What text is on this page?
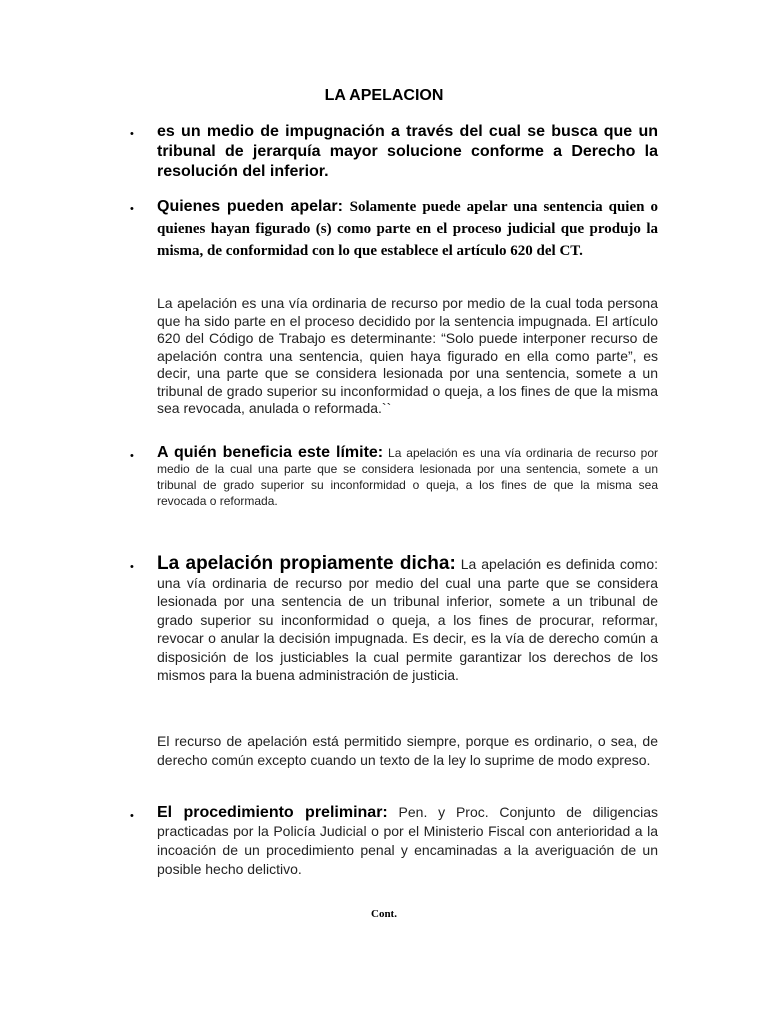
LA APELACION
• es un medio de impugnación a través del cual se busca que un tribunal de jerarquía mayor solucione conforme a Derecho la resolución del inferior.
• Quienes pueden apelar: Solamente puede apelar una sentencia quien o quienes hayan figurado (s) como parte en el proceso judicial que produjo la misma, de conformidad con lo que establece el artículo 620 del CT.
La apelación es una vía ordinaria de recurso por medio de la cual toda persona que ha sido parte en el proceso decidido por la sentencia impugnada. El artículo 620 del Código de Trabajo es determinante: “Solo puede interponer recurso de apelación contra una sentencia, quien haya figurado en ella como parte”, es decir, una parte que se considera lesionada por una sentencia, somete a un tribunal de grado superior su inconformidad o queja, a los fines de que la misma sea revocada, anulada o reformada.``
• A quién beneficia este límite: La apelación es una vía ordinaria de recurso por medio de la cual una parte que se considera lesionada por una sentencia, somete a un tribunal de grado superior su inconformidad o queja, a los fines de que la misma sea revocada o reformada.
• La apelación propiamente dicha: La apelación es definida como: una vía ordinaria de recurso por medio del cual una parte que se considera lesionada por una sentencia de un tribunal inferior, somete a un tribunal de grado superior su inconformidad o queja, a los fines de procurar, reformar, revocar o anular la decisión impugnada. Es decir, es la vía de derecho común a disposición de los justiciables la cual permite garantizar los derechos de los mismos para la buena administración de justicia.
El recurso de apelación está permitido siempre, porque es ordinario, o sea, de derecho común excepto cuando un texto de la ley lo suprime de modo expreso.
• El procedimiento preliminar: Pen. y Proc. Conjunto de diligencias practicadas por la Policía Judicial o por el Ministerio Fiscal con anterioridad a la incoación de un procedimiento penal y encaminadas a la averiguación de un posible hecho delictivo.
Cont.
